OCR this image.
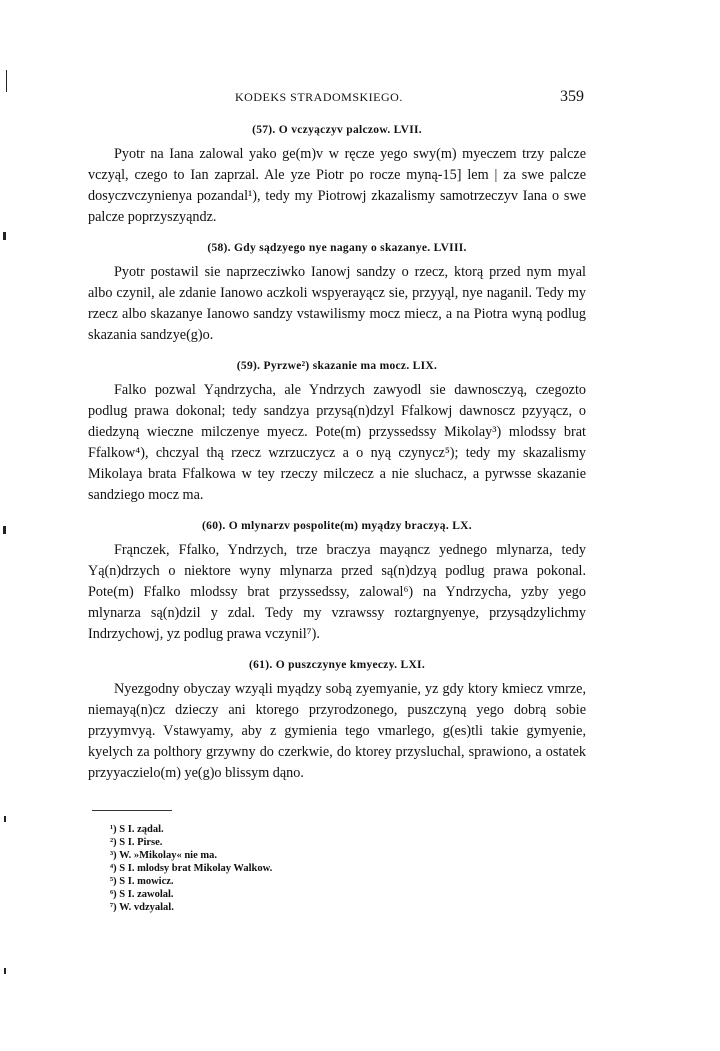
KODEKS STRADOMSKIEGO.	359
(57). O vczyączyv palczow. LVII.

Pyotr na Iana zalowal yako ge(m)v w ręcze yego swy(m) myeczem trzy palcze vczyąl, czego to Ian zaprzal. Ale yze Piotr po rocze myną-15] lem | za swe palcze dosyczvczynienya pozandal¹), tedy my Piotrowj zkazalismy samotrzeczyv Iana o swe palcze poprzyszyąndz.

(58). Gdy sądzyego nye nagany o skazanye. LVIII.

Pyotr postawil sie naprzecziwko Ianowj sandzy o rzecz, ktorą przed nym myal albo czynil, ale zdanie Ianowo aczkoli wspyerayącz sie, przyyąl, nye naganil. Tedy my rzecz albo skazanye Ianowo sandzy vstawilismy mocz miecz, a na Piotra wyną podlug skazania sandzye(g)o.

(59). Pyrzwe²) skazanie ma mocz. LIX.

Falko pozwal Yąndrzycha, ale Yndrzych zawyodl sie dawnosczyą, czegozto podlug prawa dokonal; tedy sandzya przysą(n)dzyl Ffalkowj dawnoscz pzyyącz, o diedzyną wieczne milczenye myecz. Pote(m) przyssedssy Mikolay³) mlodssy brat Ffalkow⁴), chczyal thą rzecz wzrzuczycz a o nyą czynycz⁵); tedy my skazalismy Mikolaya brata Ffalkowa w tey rzeczy milczecz a nie sluchacz, a pyrwsse skazanie sandziego mocz ma.

(60). O mlynarzv pospolite(m) myądzy braczyą. LX.

Frąnczek, Ffalko, Yndrzych, trze braczya mayąncz yednego mlynarza, tedy Yą(n)drzych o niektore wyny mlynarza przed są(n)dzyą podlug prawa pokonal. Pote(m) Ffalko mlodssy brat przyssedssy, zalowal⁶) na Yndrzycha, yzby yego mlynarza są(n)dzil y zdal. Tedy my vzrawssy roztargnyenye, przysądzylichmy Indrzychowj, yz podlug prawa vczynil⁷).

(61). O puszczynye kmyeczy. LXI.

Nyezgodny obyczay wzyąli myądzy sobą zyemyanie, yz gdy ktory kmiecz vmrze, niemayą(n)cz dzieczy ani ktorego przyrodzonego, puszczyną yego dobrą sobie przyymvyą. Vstawyamy, aby z gymienia tego vmarlego, g(es)tli takie gymyenie, kyelych za polthory grzywny do czerkwie, do ktorey przysluchal, sprawiono, a ostatek przyyaczielo(m) ye(g)o blissym dąno.

¹) S I. ządal.
²) S I. Pirse.
³) W. »Mikolay« nie ma.
⁴) S I. mlodsy brat Mikolay Walkow.
⁵) S I. mowicz.
⁶) S I. zawolal.
⁷) W. vdzyalal.
